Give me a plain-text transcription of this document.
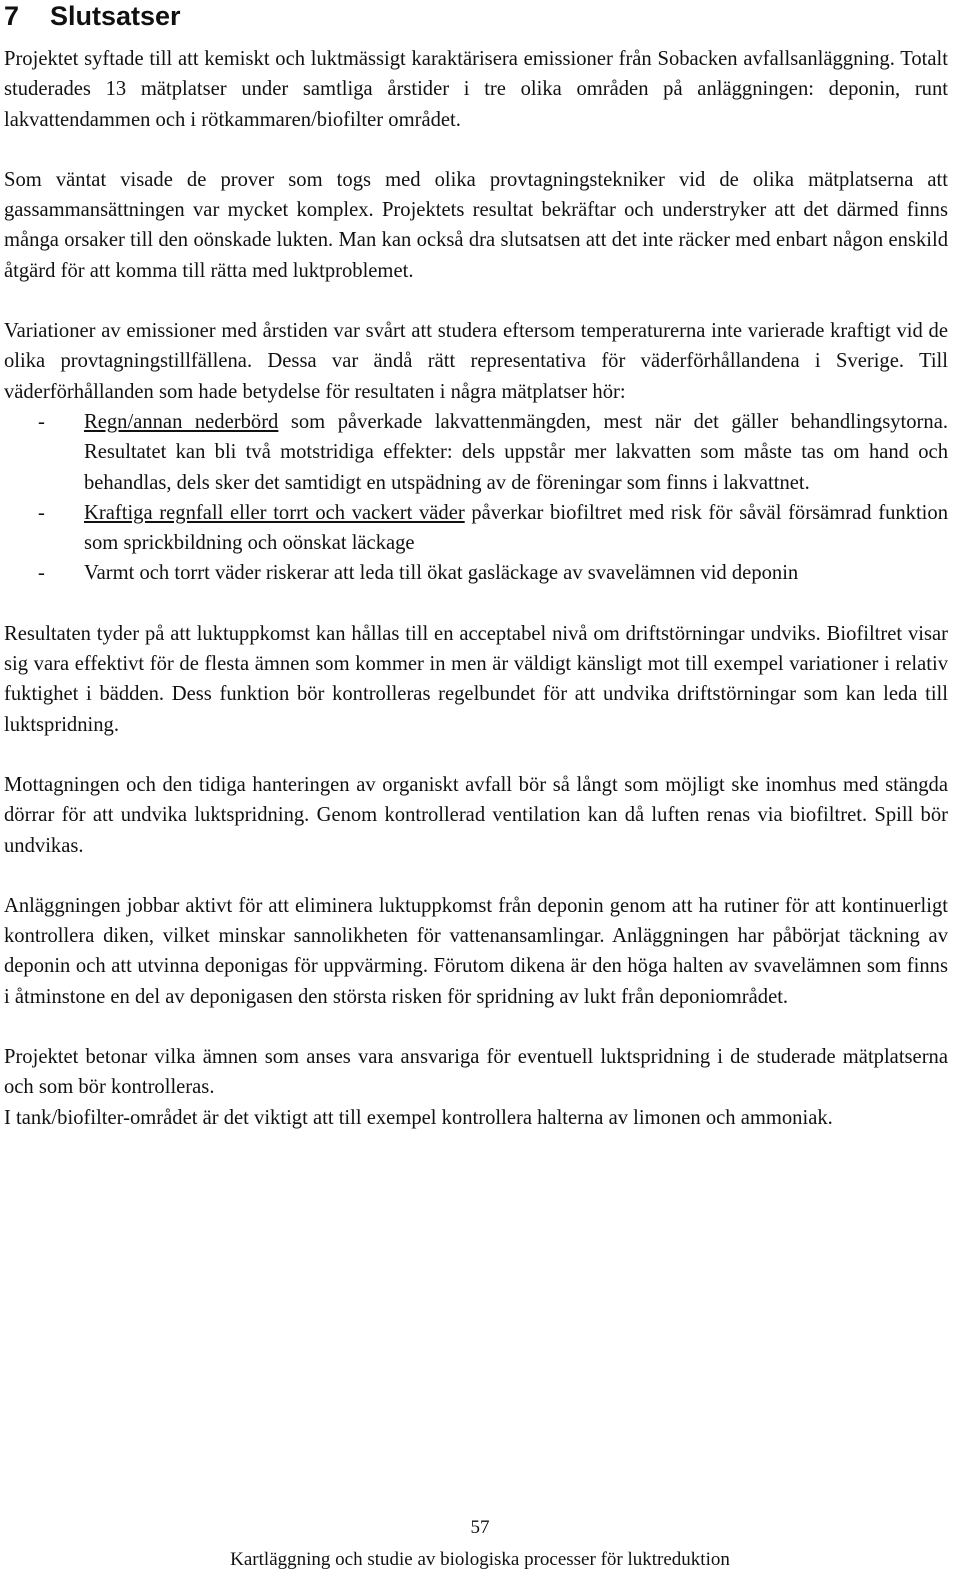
7 Slutsatser

Projektet syftade till att kemiskt och luktmässigt karaktärisera emissioner från Sobacken avfallsanläggning. Totalt studerades 13 mätplatser under samtliga årstider i tre olika områden på anläggningen: deponin, runt lakvattendammen och i rötkammaren/biofilter området.

Som väntat visade de prover som togs med olika provtagningstekniker vid de olika mätplatserna att gassammansättningen var mycket komplex. Projektets resultat bekräftar och understryker att det därmed finns många orsaker till den oönskade lukten. Man kan också dra slutsatsen att det inte räcker med enbart någon enskild åtgärd för att komma till rätta med luktproblemet.

Variationer av emissioner med årstiden var svårt att studera eftersom temperaturerna inte varierade kraftigt vid de olika provtagningstillfällena. Dessa var ändå rätt representativa för väderförhållandena i Sverige. Till väderförhållanden som hade betydelse för resultaten i några mätplatser hör:

- Regn/annan nederbörd som påverkade lakvattenmängden, mest när det gäller behandlingsytorna. Resultatet kan bli två motstridiga effekter: dels uppstår mer lakvatten som måste tas om hand och behandlas, dels sker det samtidigt en utspädning av de föreningar som finns i lakvattnet.
- Kraftiga regnfall eller torrt och vackert väder påverkar biofiltret med risk för såväl försämrad funktion som sprickbildning och oönskat läckage
- Varmt och torrt väder riskerar att leda till ökat gasläckage av svavelämnen vid deponin

Resultaten tyder på att luktuppkomst kan hållas till en acceptabel nivå om driftstörningar undviks. Biofiltret visar sig vara effektivt för de flesta ämnen som kommer in men är väldigt känsligt mot till exempel variationer i relativ fuktighet i bädden. Dess funktion bör kontrolleras regelbundet för att undvika driftstörningar som kan leda till luktspridning.

Mottagningen och den tidiga hanteringen av organiskt avfall bör så långt som möjligt ske inomhus med stängda dörrar för att undvika luktspridning. Genom kontrollerad ventilation kan då luften renas via biofiltret. Spill bör undvikas.

Anläggningen jobbar aktivt för att eliminera luktuppkomst från deponin genom att ha rutiner för att kontinuerligt kontrollera diken, vilket minskar sannolikheten för vattenansamlingar. Anläggningen har påbörjat täckning av deponin och att utvinna deponigas för uppvärming. Förutom dikena är den höga halten av svavelämnen som finns i åtminstone en del av deponigasen den största risken för spridning av lukt från deponiområdet.

Projektet betonar vilka ämnen som anses vara ansvariga för eventuell luktspridning i de studerade mätplatserna och som bör kontrolleras.

I tank/biofilter-området är det viktigt att till exempel kontrollera halterna av limonen och ammoniak.

57
Kartläggning och studie av biologiska processer för luktreduktion
